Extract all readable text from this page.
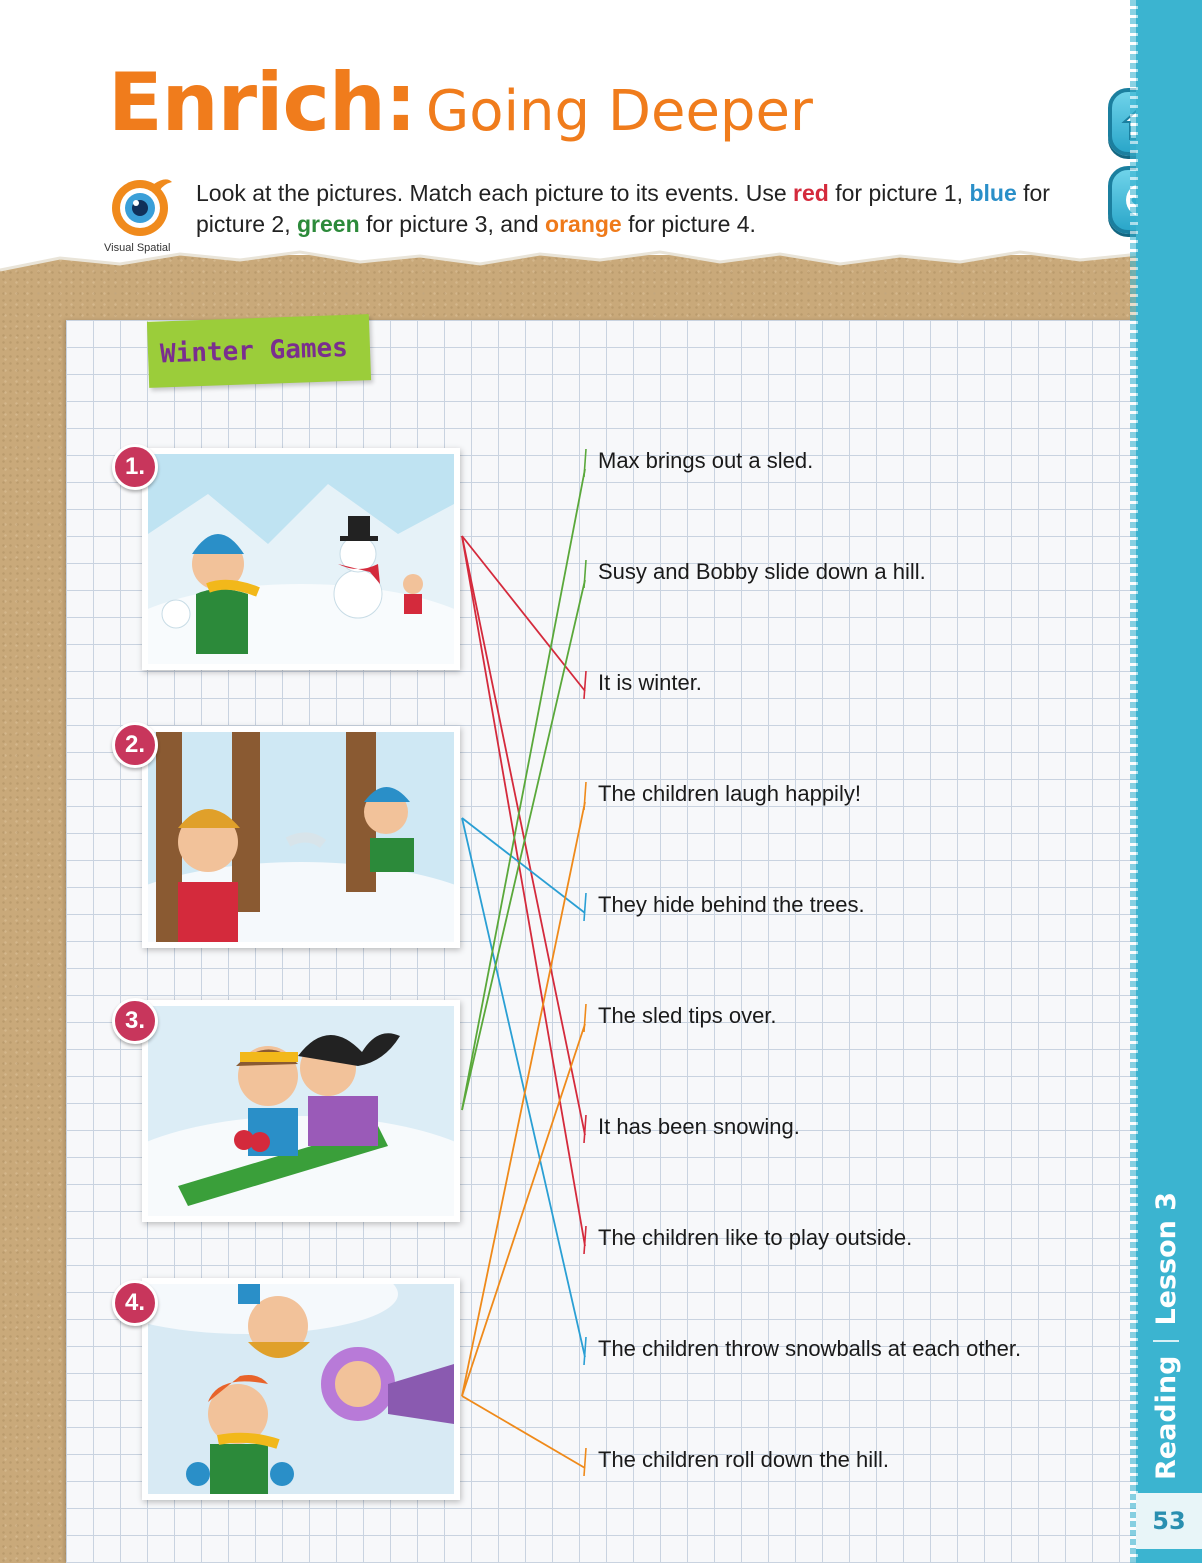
Enrich: Going Deeper
Visual Spatial
Look at the pictures. Match each picture to its events. Use red for picture 1, blue for picture 2, green for picture 3, and orange for picture 4.
Reading
Lesson 3
53
Winter Games
1.
2.
3.
4.
Max brings out a sled.
Susy and Bobby slide down a hill.
It is winter.
The children laugh happily!
They hide behind the trees.
The sled tips over.
It has been snowing.
The children like to play outside.
The children throw snowballs at each other.
The children roll down the hill.
